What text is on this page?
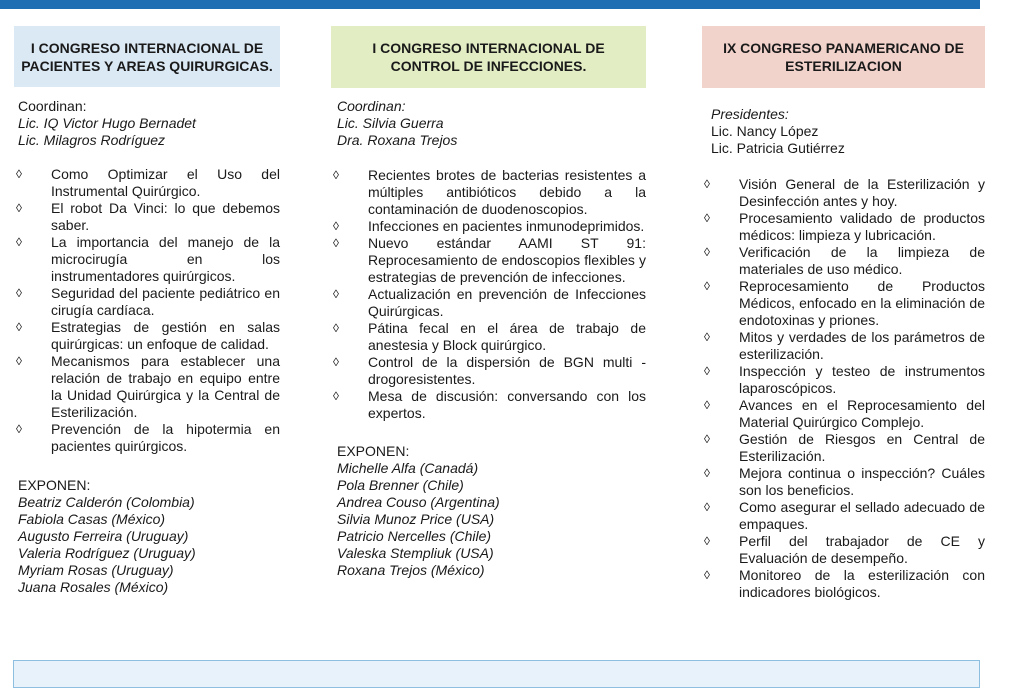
I CONGRESO INTERNACIONAL DE PACIENTES Y AREAS QUIRURGICAS.
Coordinan:
Lic. IQ Victor Hugo Bernadet
Lic. Milagros Rodríguez
◊	Como Optimizar el Uso del Instrumental Quirúrgico.
◊	El robot Da Vinci: lo que debemos saber.
◊	La importancia del manejo de la microcirugía en los instrumentadores quirúrgicos.
◊	Seguridad del paciente pediátrico en cirugía cardíaca.
◊	Estrategias de gestión en salas quirúrgicas: un enfoque de calidad.
◊	Mecanismos para establecer una relación de trabajo en equipo entre la Unidad Quirúrgica y la Central de Esterilización.
◊	Prevención de la hipotermia en pacientes quirúrgicos.
EXPONEN:
Beatriz Calderón (Colombia)
Fabiola Casas (México)
Augusto Ferreira (Uruguay)
Valeria Rodríguez (Uruguay)
Myriam Rosas (Uruguay)
Juana Rosales (México)
I CONGRESO INTERNACIONAL DE CONTROL DE INFECCIONES.
Coordinan:
Lic. Silvia Guerra
Dra. Roxana Trejos
◊	Recientes brotes de bacterias resistentes a múltiples antibióticos debido a la contaminación de duodenoscopios.
◊	Infecciones en pacientes inmunodeprimidos.
◊	Nuevo estándar AAMI ST 91: Reprocesamiento de endoscopios flexibles y estrategias de prevención de infecciones.
◊	Actualización en prevención de Infecciones Quirúrgicas.
◊	Pátina fecal en el área de trabajo de anestesia y Block quirúrgico.
◊	Control de la dispersión de BGN multi -drogoresistentes.
◊	Mesa de discusión: conversando con los expertos.
EXPONEN:
Michelle Alfa (Canadá)
Pola Brenner (Chile)
Andrea Couso (Argentina)
Silvia Munoz Price (USA)
Patricio Nercelles (Chile)
Valeska Stempliuk (USA)
Roxana Trejos (México)
IX CONGRESO PANAMERICANO DE ESTERILIZACION
Presidentes:
Lic. Nancy López
Lic. Patricia Gutiérrez
◊	Visión General de la Esterilización y Desinfección antes y hoy.
◊	Procesamiento validado de productos médicos: limpieza y lubricación.
◊	Verificación de la limpieza de materiales de uso médico.
◊	Reprocesamiento de Productos Médicos, enfocado en la eliminación de endotoxinas y priones.
◊	Mitos y verdades de los parámetros de esterilización.
◊	Inspección y testeo de instrumentos laparoscópicos.
◊	Avances en el Reprocesamiento del Material Quirúrgico Complejo.
◊	Gestión de Riesgos en Central de Esterilización.
◊	Mejora continua o inspección? Cuáles son los beneficios.
◊	Como asegurar el sellado adecuado de empaques.
◊	Perfil del trabajador de CE y Evaluación de desempeño.
◊	Monitoreo de la esterilización con indicadores biológicos.
